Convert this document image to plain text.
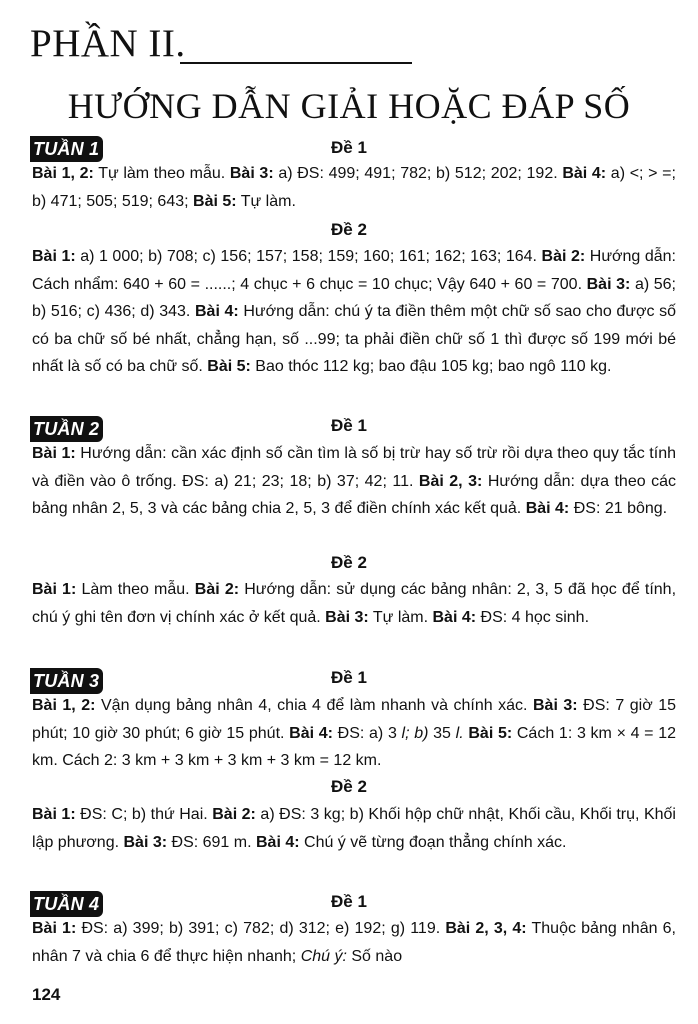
PHẦN II.
HƯỚNG DẪN GIẢI HOẶC ĐÁP SỐ
TUẦN 1	Đề 1
Bài 1, 2: Tự làm theo mẫu. Bài 3: a) ĐS: 499; 491; 782; b) 512; 202; 192. Bài 4: a) <; > =; b) 471; 505; 519; 643; Bài 5: Tự làm.
Đề 2
Bài 1: a) 1 000; b) 708; c) 156; 157; 158; 159; 160; 161; 162; 163; 164. Bài 2: Hướng dẫn: Cách nhẩm: 640 + 60 = ......; 4 chục + 6 chục = 10 chục; Vậy 640 + 60 = 700. Bài 3: a) 56; b) 516; c) 436; d) 343. Bài 4: Hướng dẫn: chú ý ta điền thêm một chữ số sao cho được số có ba chữ số bé nhất, chẳng hạn, số ...99; ta phải điền chữ số 1 thì được số 199 mới bé nhất là số có ba chữ số. Bài 5: Bao thóc 112 kg; bao đậu 105 kg; bao ngô 110 kg.
TUẦN 2	Đề 1
Bài 1: Hướng dẫn: cần xác định số cần tìm là số bị trừ hay số trừ rồi dựa theo quy tắc tính và điền vào ô trống. ĐS: a) 21; 23; 18; b) 37; 42; 11. Bài 2, 3: Hướng dẫn: dựa theo các bảng nhân 2, 5, 3 và các bảng chia 2, 5, 3 để điền chính xác kết quả. Bài 4: ĐS: 21 bông.
Đề 2
Bài 1: Làm theo mẫu. Bài 2: Hướng dẫn: sử dụng các bảng nhân: 2, 3, 5 đã học để tính, chú ý ghi tên đơn vị chính xác ở kết quả. Bài 3: Tự làm. Bài 4: ĐS: 4 học sinh.
TUẦN 3	Đề 1
Bài 1, 2: Vận dụng bảng nhân 4, chia 4 để làm nhanh và chính xác. Bài 3: ĐS: 7 giờ 15 phút; 10 giờ 30 phút; 6 giờ 15 phút. Bài 4: ĐS: a) 3 l; b) 35 l. Bài 5: Cách 1: 3 km × 4 = 12 km. Cách 2: 3 km + 3 km + 3 km + 3 km = 12 km.
Đề 2
Bài 1: ĐS: C; b) thứ Hai. Bài 2: a) ĐS: 3 kg; b) Khối hộp chữ nhật, Khối cầu, Khối trụ, Khối lập phương. Bài 3: ĐS: 691 m. Bài 4: Chú ý vẽ từng đoạn thẳng chính xác.
TUẦN 4	Đề 1
Bài 1: ĐS: a) 399; b) 391; c) 782; d) 312; e) 192; g) 119. Bài 2, 3, 4: Thuộc bảng nhân 6, nhân 7 và chia 6 để thực hiện nhanh; Chú ý: Số nào
124
